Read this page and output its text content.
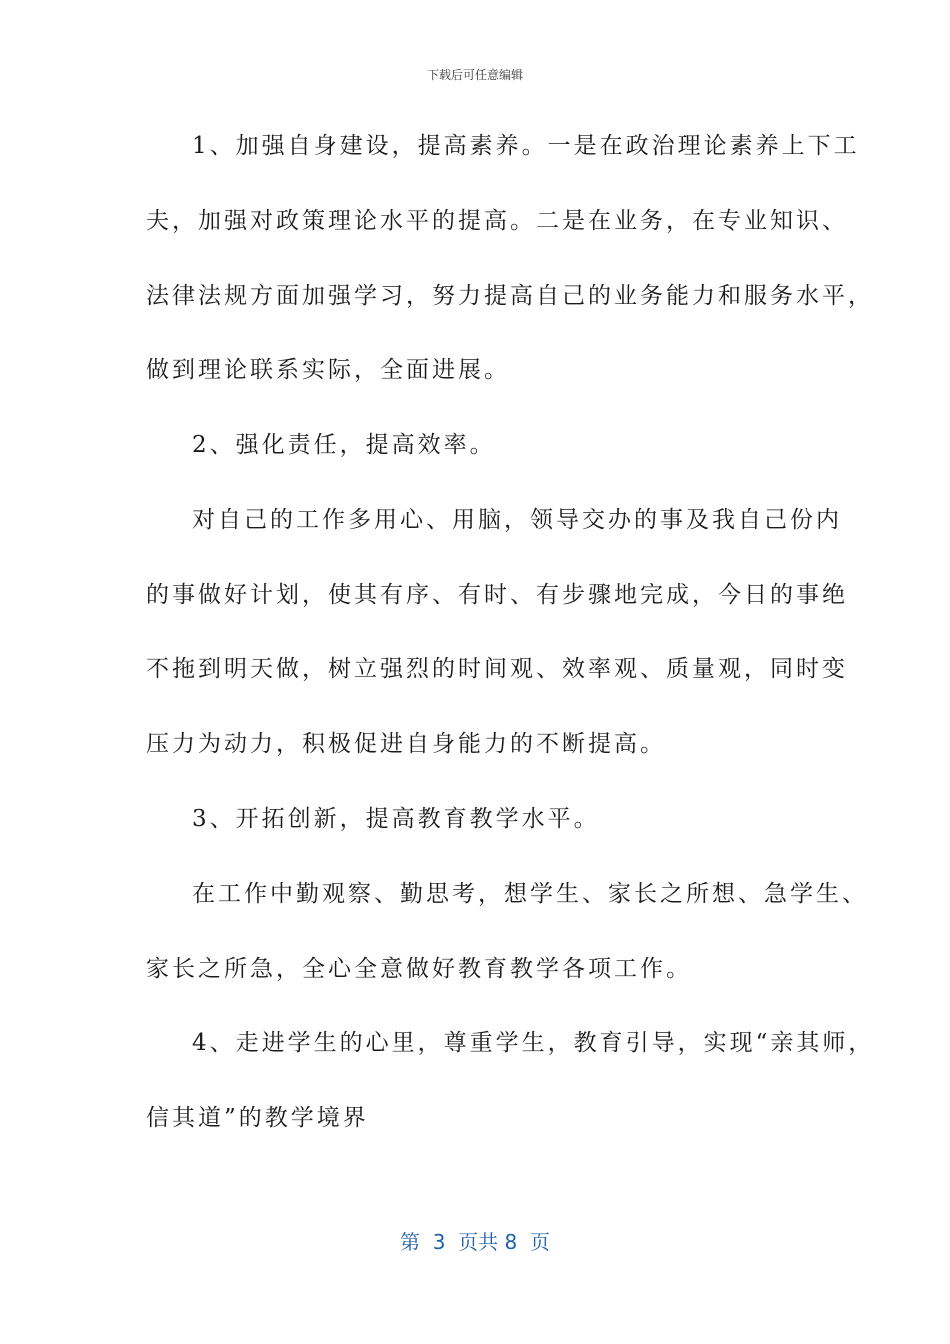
下载后可任意编辑
1、加强自身建设，提高素养。一是在政治理论素养上下工
夫，加强对政策理论水平的提高。二是在业务，在专业知识、
法律法规方面加强学习，努力提高自己的业务能力和服务水平，
做到理论联系实际，全面进展。
2、强化责任，提高效率。
对自己的工作多用心、用脑，领导交办的事及我自己份内
的事做好计划，使其有序、有时、有步骤地完成，今日的事绝
不拖到明天做，树立强烈的时间观、效率观、质量观，同时变
压力为动力，积极促进自身能力的不断提高。
3、开拓创新，提高教育教学水平。
在工作中勤观察、勤思考，想学生、家长之所想、急学生、
家长之所急，全心全意做好教育教学各项工作。
4、走进学生的心里，尊重学生，教育引导，实现“亲其师，
信其道”的教学境界
第  3  页共 8  页
